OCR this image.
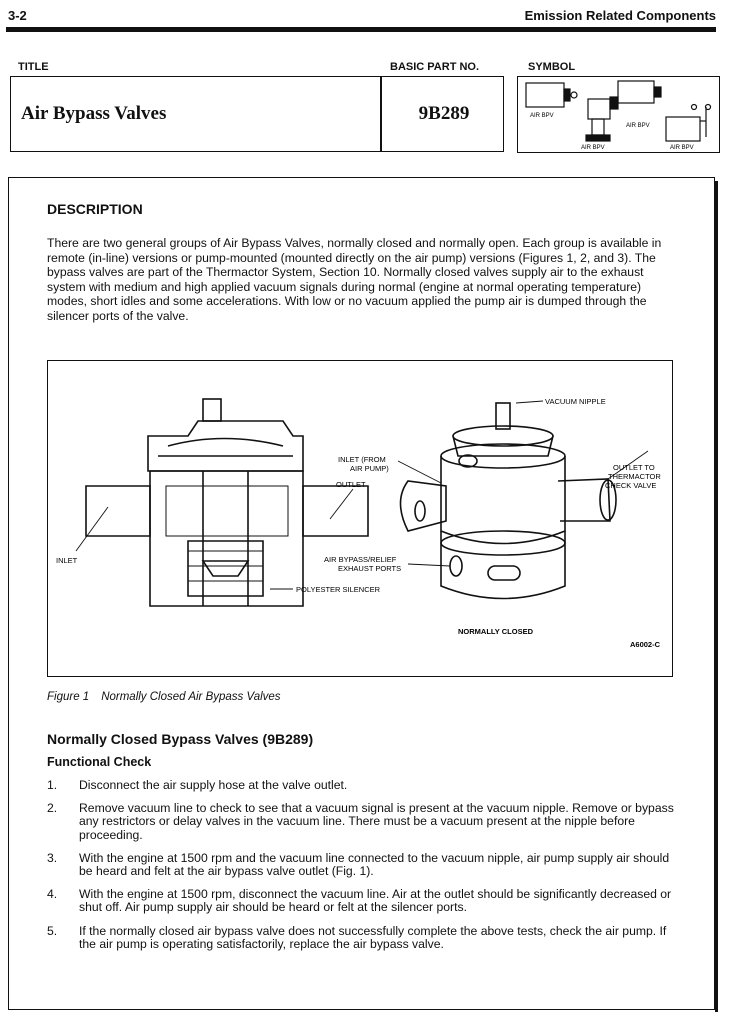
3-2	Emission Related Components
TITLE	BASIC PART NO.	SYMBOL
Air Bypass Valves	9B289	AIR BPV
AIR BPV
AIR BPV
AIR BPV
DESCRIPTION
There are two general groups of Air Bypass Valves, normally closed and normally open. Each group is available in remote (in-line) versions or pump-mounted (mounted directly on the air pump) versions (Figures 1, 2, and 3). The bypass valves are part of the Thermactor System, Section 10. Normally closed valves supply air to the exhaust system with medium and high applied vacuum signals during normal (engine at normal operating temperature) modes, short idles and some accelerations. With low or no vacuum applied the pump air is dumped through the silencer ports of the valve.
VACUUM NIPPLE
INLET (FROM
AIR PUMP)
OUTLET
OUTLET TO
THERMACTOR
CHECK VALVE
INLET	AIR BYPASS/RELIEF
EXHAUST PORTS
POLYESTER SILENCER
NORMALLY CLOSED
A6002-C
Figure 1 Normally Closed Air Bypass Valves
Normally Closed Bypass Valves (9B289)
Functional Check
1. Disconnect the air supply hose at the valve outlet.
2. Remove vacuum line to check to see that a vacuum signal is present at the vacuum nipple. Remove or bypass any restrictors or delay valves in the vacuum line. There must be a vacuum present at the nipple before proceeding.
3. With the engine at 1500 rpm and the vacuum line connected to the vacuum nipple, air pump supply air should be heard and felt at the air bypass valve outlet (Fig. 1).
4. With the engine at 1500 rpm, disconnect the vacuum line. Air at the outlet should be significantly decreased or shut off. Air pump supply air should be heard or felt at the silencer ports.
5. If the normally closed air bypass valve does not successfully complete the above tests, check the air pump. If the air pump is operating satisfactorily, replace the air bypass valve.
